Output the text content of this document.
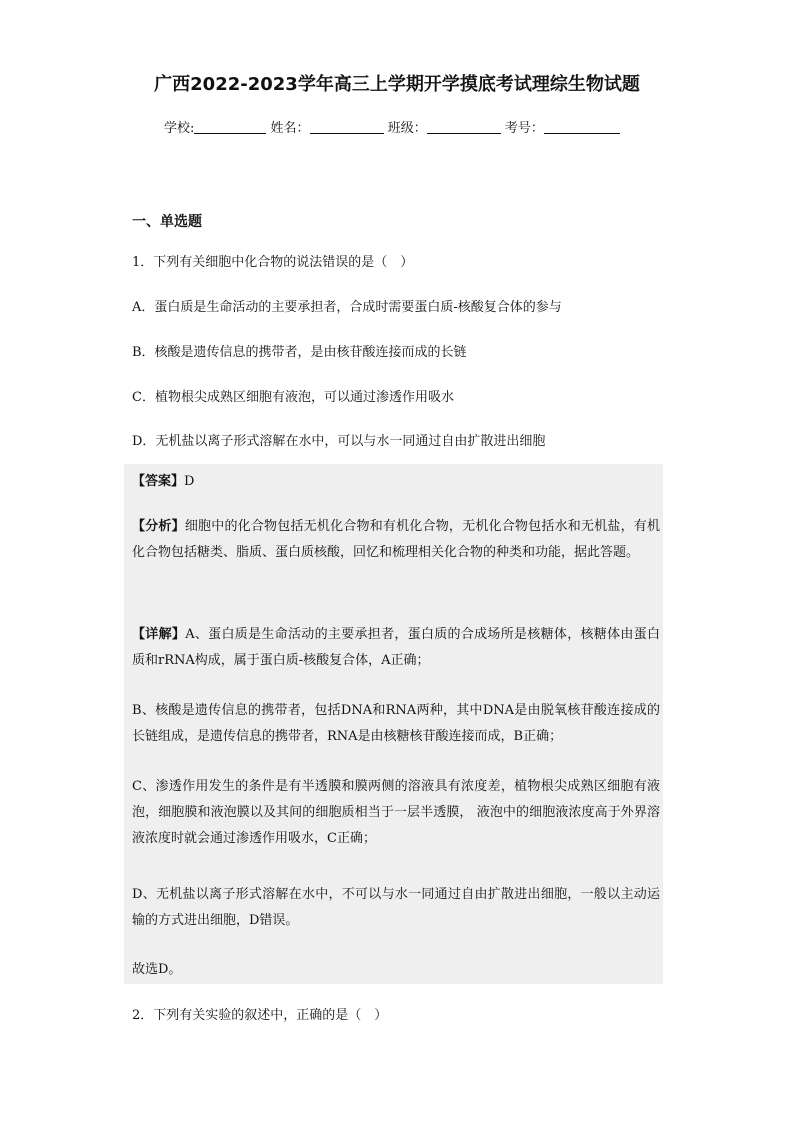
广西2022-2023学年高三上学期开学摸底考试理综生物试题
学校:	姓名：	班级：	考号：
一、单选题
1．下列有关细胞中化合物的说法错误的是（　）
A．蛋白质是生命活动的主要承担者，合成时需要蛋白质-核酸复合体的参与
B．核酸是遗传信息的携带者，是由核苷酸连接而成的长链
C．植物根尖成熟区细胞有液泡，可以通过渗透作用吸水
D．无机盐以离子形式溶解在水中，可以与水一同通过自由扩散进出细胞
【答案】D
【分析】细胞中的化合物包括无机化合物和有机化合物，无机化合物包括水和无机盐，有机化合物包括糖类、脂质、蛋白质核酸，回忆和梳理相关化合物的种类和功能，据此答题。
【详解】A、蛋白质是生命活动的主要承担者，蛋白质的合成场所是核糖体，核糖体由蛋白质和rRNA构成，属于蛋白质-核酸复合体，A正确；
B、核酸是遗传信息的携带者，包括DNA和RNA两种，其中DNA是由脱氧核苷酸连接成的长链组成，是遗传信息的携带者，RNA是由核糖核苷酸连接而成，B正确；
C、渗透作用发生的条件是有半透膜和膜两侧的溶液具有浓度差，植物根尖成熟区细胞有液泡，细胞膜和液泡膜以及其间的细胞质相当于一层半透膜， 液泡中的细胞液浓度高于外界溶液浓度时就会通过渗透作用吸水，C正确；
D、无机盐以离子形式溶解在水中，不可以与水一同通过自由扩散进出细胞，一般以主动运输的方式进出细胞，D错误。
故选D。
2．下列有关实验的叙述中，正确的是（　）
